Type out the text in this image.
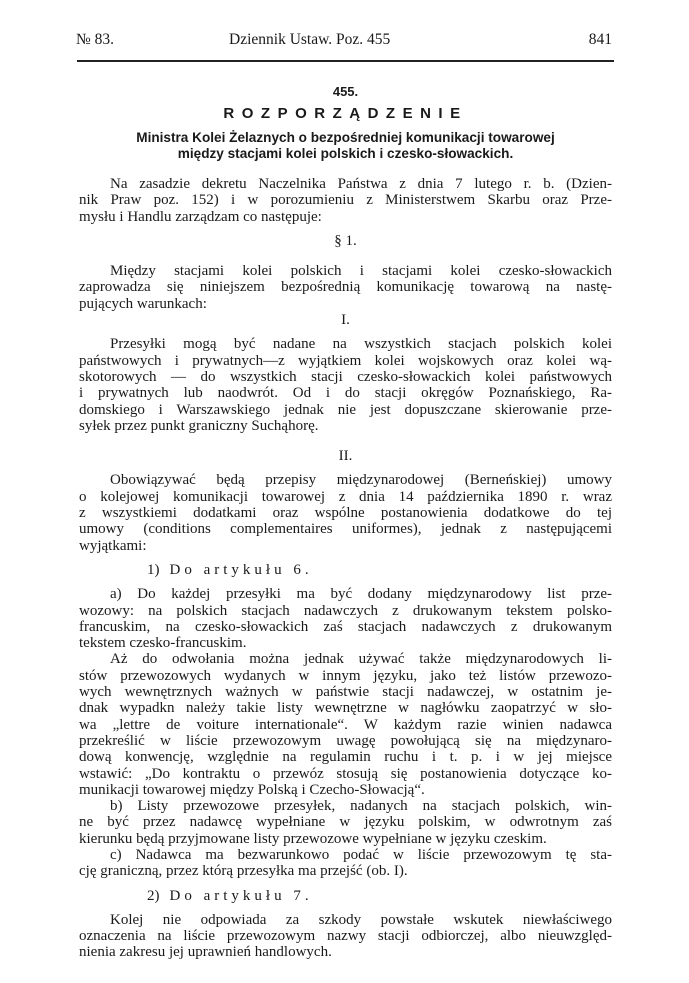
№ 83.	Dziennik Ustaw. Poz. 455	841
455.
ROZPORZĄDZENIE
Ministra Kolei Żelaznych o bezpośredniej komunikacji towarowej
między stacjami kolei polskich i czesko-słowackich.
Na zasadzie dekretu Naczelnika Państwa z dnia 7 lutego r. b. (Dzien-
nik Praw poz. 152) i w porozumieniu z Ministerstwem Skarbu oraz Prze-
mysłu i Handlu zarządzam co następuje:
§ 1.
Między stacjami kolei polskich i stacjami kolei czesko-słowackich
zaprowadza się niniejszem bezpośrednią komunikację towarową na nastę-
pujących warunkach:
I.
Przesyłki mogą być nadane na wszystkich stacjach polskich kolei
państwowych i prywatnych—z wyjątkiem kolei wojskowych oraz kolei wą-
skotorowych — do wszystkich stacji czesko-słowackich kolei państwowych
i prywatnych lub naodwrót. Od i do stacji okręgów Poznańskiego, Ra-
domskiego i Warszawskiego jednak nie jest dopuszczane skierowanie prze-
syłek przez punkt graniczny Suchąhorę.
II.
Obowiązywać będą przepisy międzynarodowej (Berneńskiej) umowy
o kolejowej komunikacji towarowej z dnia 14 października 1890 r. wraz
z wszystkiemi dodatkami oraz wspólne postanowienia dodatkowe do tej
umowy (conditions complementaires uniformes), jednak z następującemi
wyjątkami:
1) Do artykułu 6.
a) Do każdej przesyłki ma być dodany międzynarodowy list prze-
wozowy: na polskich stacjach nadawczych z drukowanym tekstem polsko-
francuskim, na czesko-słowackich zaś stacjach nadawczych z drukowanym
tekstem czesko-francuskim.
Aż do odwołania można jednak używać także międzynarodowych li-
stów przewozowych wydanych w innym języku, jako też listów przewozo-
wych wewnętrznych ważnych w państwie stacji nadawczej, w ostatnim je-
dnak wypadkn należy takie listy wewnętrzne w nagłówku zaopatrzyć w sło-
wa „lettre de voiture internationale“. W każdym razie winien nadawca
przekreślić w liście przewozowym uwagę powołującą się na międzynaro-
dową konwencję, względnie na regulamin ruchu i t. p. i w jej miejsce
wstawić: „Do kontraktu o przewóz stosują się postanowienia dotyczące ko-
munikacji towarowej między Polską i Czecho-Słowacją“.
b) Listy przewozowe przesyłek, nadanych na stacjach polskich, win-
ne być przez nadawcę wypełniane w języku polskim, w odwrotnym zaś
kierunku będą przyjmowane listy przewozowe wypełniane w języku czeskim.
c) Nadawca ma bezwarunkowo podać w liście przewozowym tę sta-
cję graniczną, przez którą przesyłka ma przejść (ob. I).
2) Do artykułu 7.
Kolej nie odpowiada za szkody powstałe wskutek niewłaściwego
oznaczenia na liście przewozowym nazwy stacji odbiorczej, albo nieuwzględ-
nienia zakresu jej uprawnień handlowych.
